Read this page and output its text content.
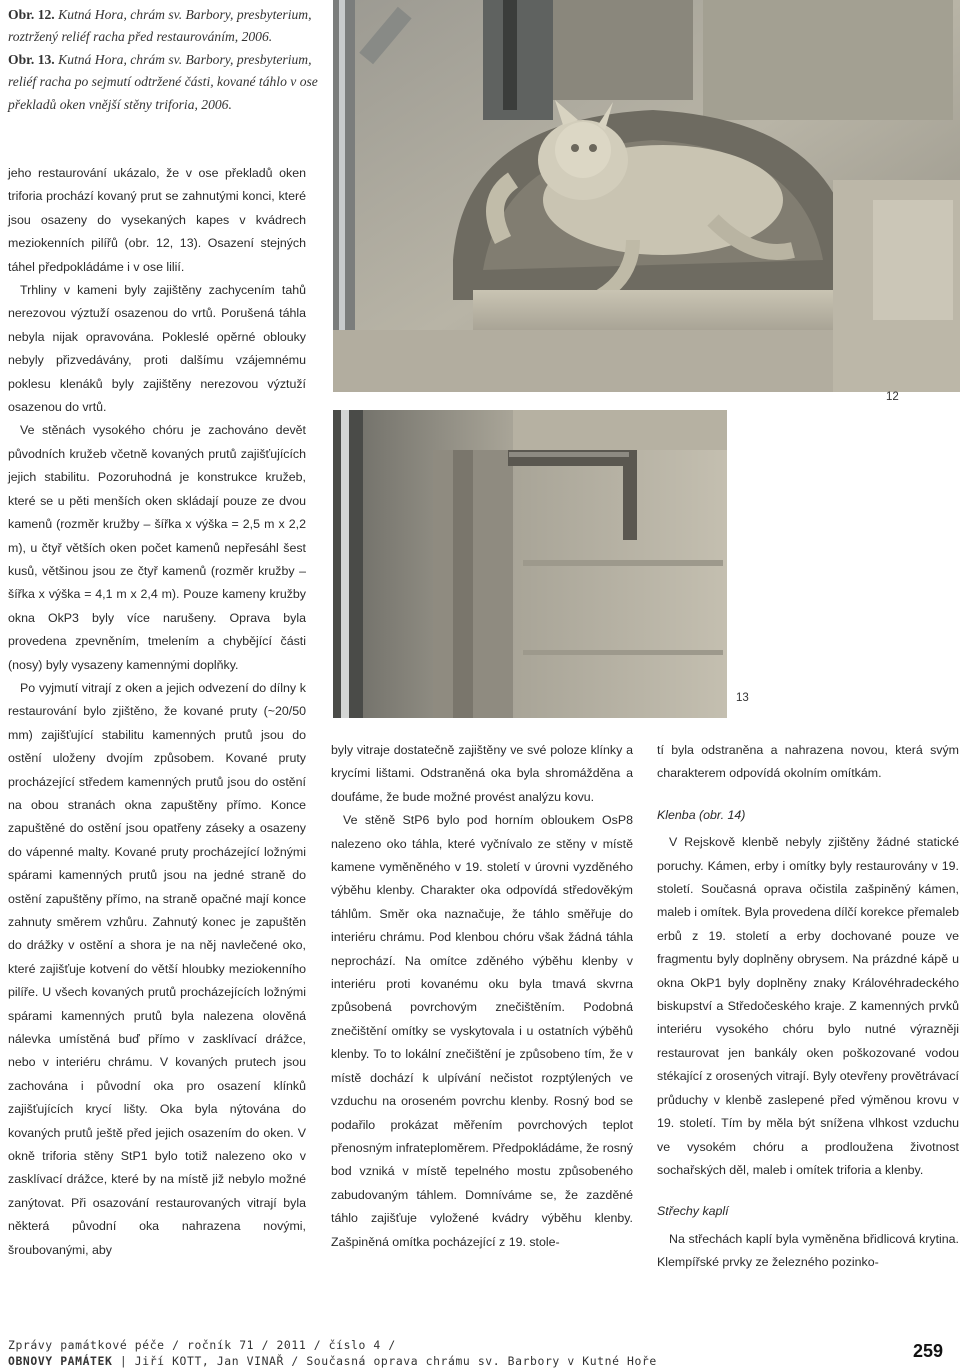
Obr. 12. Kutná Hora, chrám sv. Barbory, presbyterium, roztržený reliéf racha před restaurováním, 2006.

Obr. 13. Kutná Hora, chrám sv. Barbory, presbyterium, reliéf racha po sejmutí odtržené části, kované táhlo v ose překladů oken vnější stěny triforia, 2006.

12
13

jeho restaurování ukázalo, že v ose překladů oken triforia prochází kovaný prut se zahnutými konci, které jsou osazeny do vysekaných kapes v kvádrech meziokenních pilířů (obr. 12, 13). Osazení stejných táhel předpokládáme i v ose lilií.

Trhliny v kameni byly zajištěny zachycením tahů nerezovou výztuží osazenou do vrtů. Porušená táhla nebyla nijak opravována. Pokleslé opěrné oblouky nebyly přizvedávány, proti dalšímu vzájemnému poklesu klenáků byly zajištěny nerezovou výztuží osazenou do vrtů.

Ve stěnách vysokého chóru je zachováno devět původních kružeb včetně kovaných prutů zajišťujících jejich stabilitu. Pozoruhodná je konstrukce kružeb, které se u pěti menších oken skládají pouze ze dvou kamenů (rozměr kružby – šířka x výška = 2,5 m x 2,2 m), u čtyř větších oken počet kamenů nepřesáhl šest kusů, většinou jsou ze čtyř kamenů (rozměr kružby – šířka x výška = 4,1 m x 2,4 m). Pouze kameny kružby okna OkP3 byly více narušeny. Oprava byla provedena zpevněním, tmelením a chybějící části (nosy) byly vysazeny kamennými doplňky.

Po vyjmutí vitrají z oken a jejich odvezení do dílny k restaurování bylo zjištěno, že kované pruty (~20/50 mm) zajišťující stabilitu kamenných prutů jsou do ostění uloženy dvojím způsobem. Kované pruty procházející středem kamenných prutů jsou do ostění na obou stranách okna zapuštěny přímo. Konce zapuštěné do ostění jsou opatřeny zásekу a osazeny do vápenné malty. Kované pruty procházející ložnými spárami kamenných prutů jsou na jedné straně do ostění zapuštěny přímo, na straně opačné mají konce zahnuty směrem vzhůru. Zahnutý konec je zapuštěn do drážky v ostění a shora je na něj navlečené oko, které zajišťuje kotvení do větší hloubky meziokenního pilíře. U všech kovaných prutů procházejících ložnými spárami kamenných prutů byla nalezena olověná nálevka umístěná buď přímo v zasklívací drážce, nebo v interiéru chrámu. V kovaných prutech jsou zachována i původní oka pro osazení klínků zajišťujících krycí lišty. Oka byla nýtována do kovaných prutů ještě před jejich osazením do oken. V okně triforia stěny StP1 bylo totiž nalezeno oko v zasklívací drážce, které by na místě již nebylo možné zanýtovat. Při osazování restaurovaných vitrají byla některá původní oka nahrazena novými, šroubovanými, aby

byly vitraje dostatečně zajištěny ve své poloze klínky a krycími lištami. Odstraněná oka byla shromážděna a doufáme, že bude možné provést analýzu kovu.

Ve stěně StP6 bylo pod horním obloukem OsP8 nalezeno oko táhla, které vyčnívalo ze stěny v místě kamene vyměněného v 19. století v úrovni vyzděného výběhu klenby. Charakter oka odpovídá středověkým táhlům. Směr oka naznačuje, že táhlo směřuje do interiéru chrámu. Pod klenbou chóru však žádná táhla neprochází. Na omítce zděného výběhu klenby v interiéru proti kovanému oku byla tmavá skvrna způsobená povrchovým znečištěním. Podobná znečištění omítky se vyskytovala i u ostatních výběhů klenby. To to lokální znečištění je způsobeno tím, že v místě dochází k ulpívání nečistot rozptýlených ve vzduchu na oroseném povrchu klenby. Rosný bod se podařilo prokázat měřením povrchových teplot přenosným infrateploměrem. Předpokládáme, že rosný bod vzniká v místě tepelného mostu způsobeného zabudovaným táhlem. Domníváme se, že zazděné táhlo zajišťuje vyložené kvádry výběhu klenby. Zašpiněná omítka pocházející z 19. stole-

tí byla odstraněna a nahrazena novou, která svým charakterem odpovídá okolním omítkám.

Klenba (obr. 14)

V Rejskově klenbě nebyly zjištěny žádné statické poruchy. Kámen, erby i omítky byly restaurovány v 19. století. Současná oprava očistila zašpiněný kámen, maleb i omítek. Byla provedena dílčí korekce přemaleb erbů z 19. století a erby dochované pouze ve fragmentu byly doplněny obrysem. Na prázdné kápě u okna OkP1 byly doplněny znaky Královéhradeckého biskupství a Středočeského kraje. Z kamenných prvků interiéru vysokého chóru bylo nutné výrazněji restaurovat jen bankály oken poškozované vodou stékající z orosených vitrají. Byly otevřeny provětrávací průduchy v klenbě zaslepené před výměnou krovu v 19. století. Tím by měla být snížena vlhkost vzduchu ve vysokém chóru a prodloužena životnost sochařských děl, maleb i omítek triforia a klenby.

Střechy kaplí

Na střechách kaplí byla vyměněna břidlicová krytina. Klempířské prvky ze železného pozinko-

Zprávy památkové péče / ročník 71 / 2011 / číslo 4 /
OBNOVY PAMÁTEK | Jiří KOTT, Jan VINAŘ / Současná oprava chrámu sv. Barbory v Kutné Hoře	259
